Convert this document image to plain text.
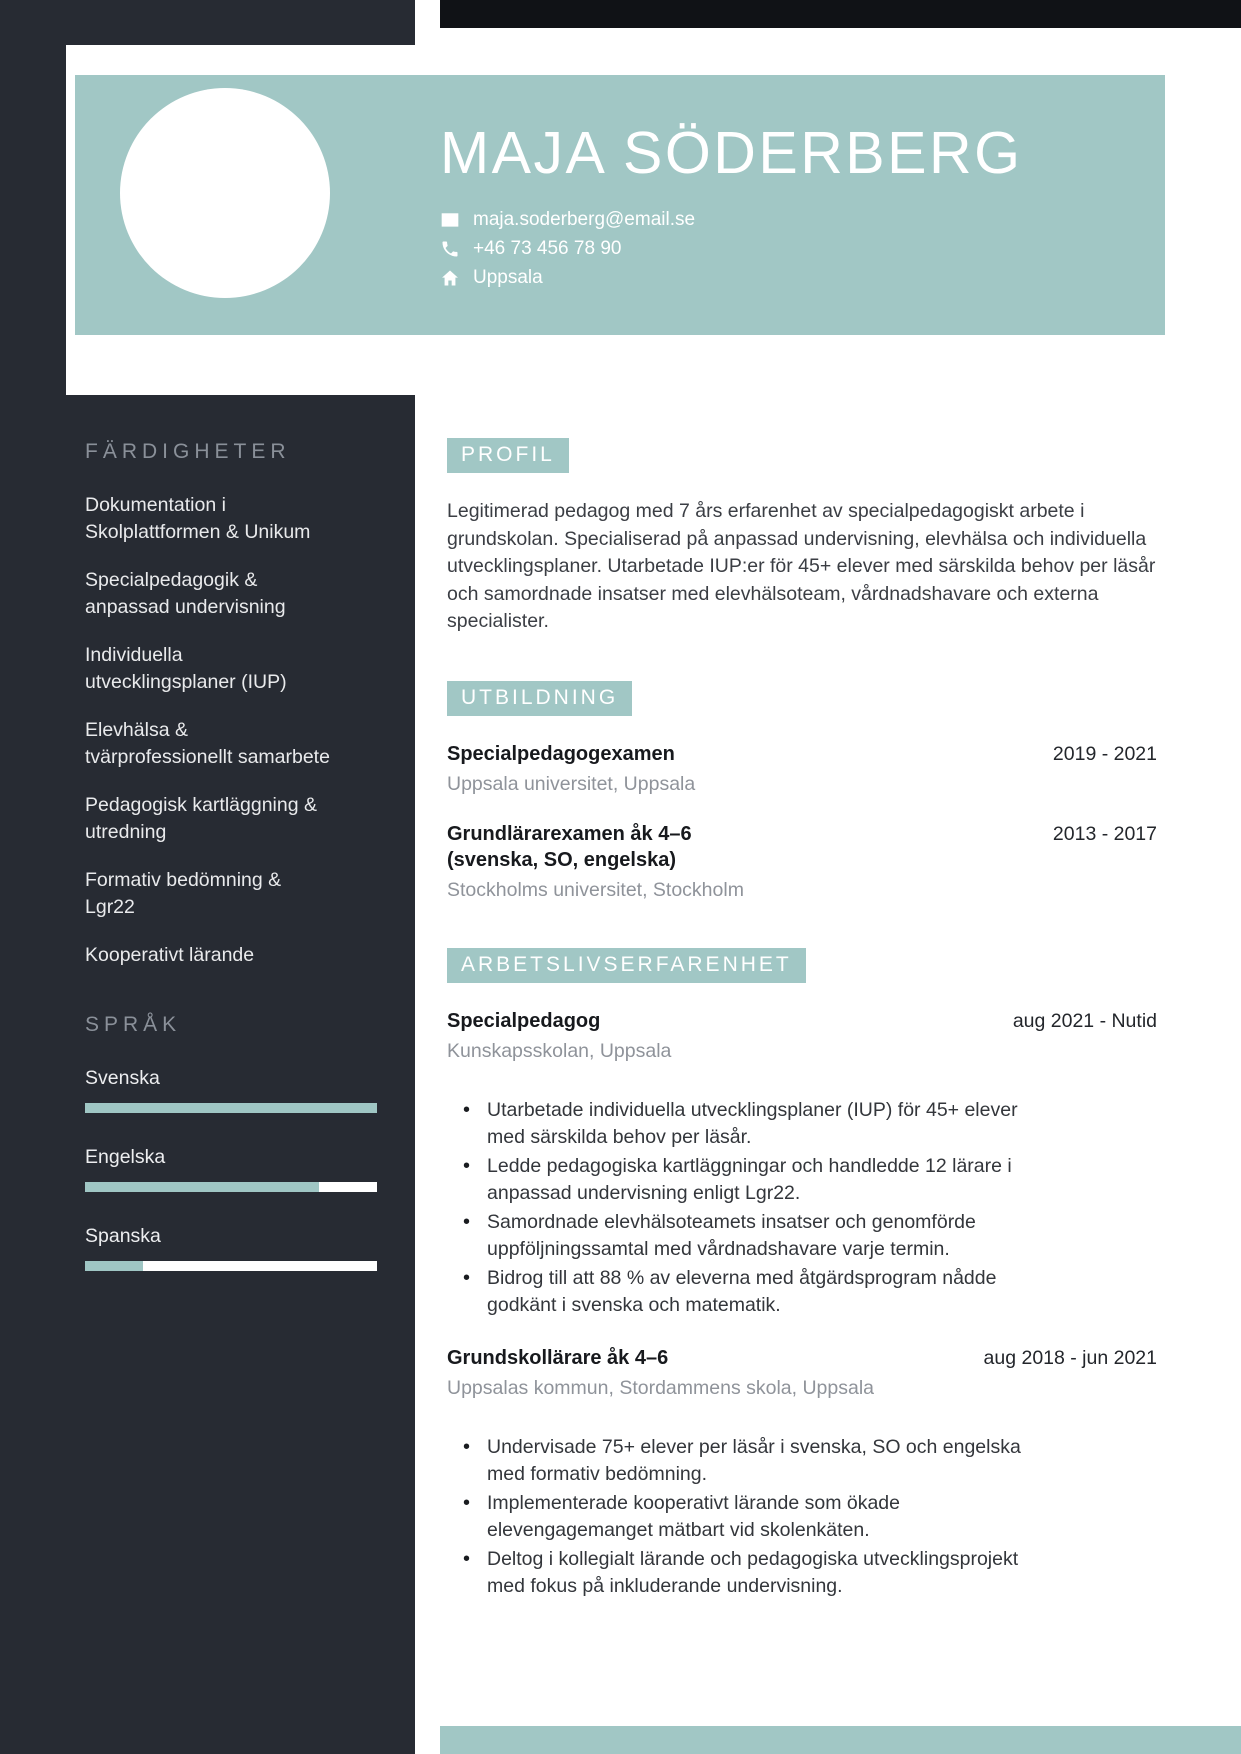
MAJA SÖDERBERG
maja.soderberg@email.se
+46 73 456 78 90
Uppsala
FÄRDIGHETER
Dokumentation i Skolplattformen & Unikum
Specialpedagogik & anpassad undervisning
Individuella utvecklingsplaner (IUP)
Elevhälsa & tvärprofessionellt samarbete
Pedagogisk kartläggning & utredning
Formativ bedömning & Lgr22
Kooperativt lärande
SPRÅK
Svenska
Engelska
Spanska
PROFIL

Legitimerad pedagog med 7 års erfarenhet av specialpedagogiskt arbete i grundskolan. Specialiserad på anpassad undervisning, elevhälsa och individuella utvecklingsplaner. Utarbetade IUP:er för 45+ elever med särskilda behov per läsår och samordnade insatser med elevhälsoteam, vårdnadshavare och externa specialister.

UTBILDNING
Specialpedagogexamen
Uppsala universitet, Uppsala
2019 - 2021
Grundlärarexamen åk 4–6 (svenska, SO, engelska)
Stockholms universitet, Stockholm
2013 - 2017
ARBETSLIVSERFARENHET
Specialpedagog
Kunskapsskolan, Uppsala
aug 2021 - Nutid
• Utarbetade individuella utvecklingsplaner (IUP) för 45+ elever med särskilda behov per läsår.
• Ledde pedagogiska kartläggningar och handledde 12 lärare i anpassad undervisning enligt Lgr22.
• Samordnade elevhälsoteamets insatser och genomförde uppföljningssamtal med vårdnadshavare varje termin.
• Bidrog till att 88 % av eleverna med åtgärdsprogram nådde godkänt i svenska och matematik.
Grundskollärare åk 4–6
Uppsalas kommun, Stordammens skola, Uppsala
aug 2018 - jun 2021
• Undervisade 75+ elever per läsår i svenska, SO och engelska med formativ bedömning.
• Implementerade kooperativt lärande som ökade elevengagemanget mätbart vid skolenkäten.
• Deltog i kollegialt lärande och pedagogiska utvecklingsprojekt med fokus på inkluderande undervisning.
